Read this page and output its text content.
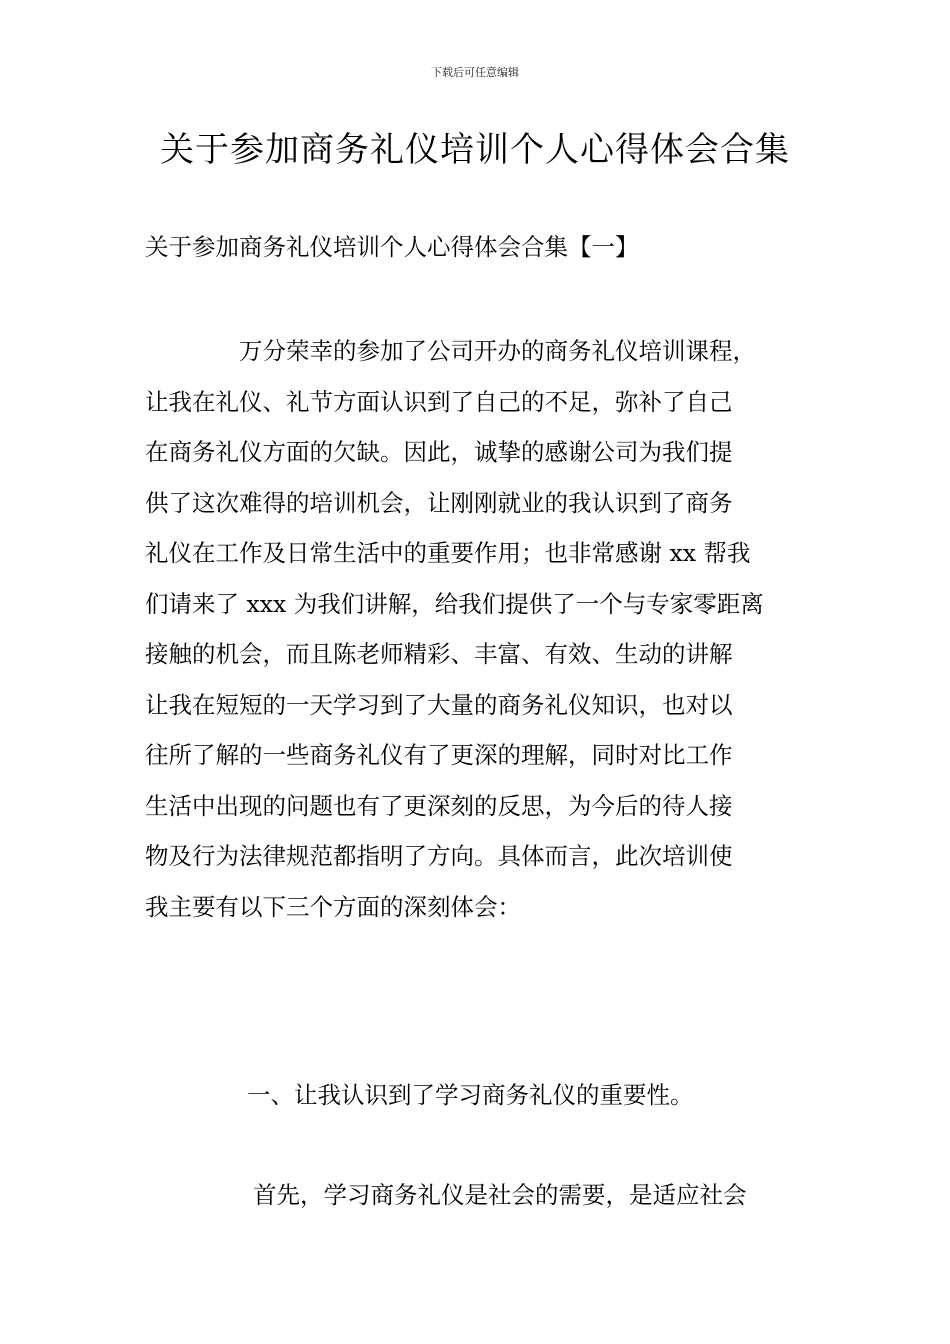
下载后可任意编辑
关于参加商务礼仪培训个人心得体会合集
关于参加商务礼仪培训个人心得体会合集【一】
　　　　万分荣幸的参加了公司开办的商务礼仪培训课程，
让我在礼仪、礼节方面认识到了自己的不足，弥补了自己
在商务礼仪方面的欠缺。因此，诚挚的感谢公司为我们提
供了这次难得的培训机会，让刚刚就业的我认识到了商务
礼仪在工作及日常生活中的重要作用；也非常感谢 xx 帮我
们请来了 xxx 为我们讲解，给我们提供了一个与专家零距离
接触的机会，而且陈老师精彩、丰富、有效、生动的讲解
让我在短短的一天学习到了大量的商务礼仪知识，也对以
往所了解的一些商务礼仪有了更深的理解，同时对比工作
生活中出现的问题也有了更深刻的反思，为今后的待人接
物及行为法律规范都指明了方向。具体而言，此次培训使
我主要有以下三个方面的深刻体会：
一、让我认识到了学习商务礼仪的重要性。
首先，学习商务礼仪是社会的需要，是适应社会
